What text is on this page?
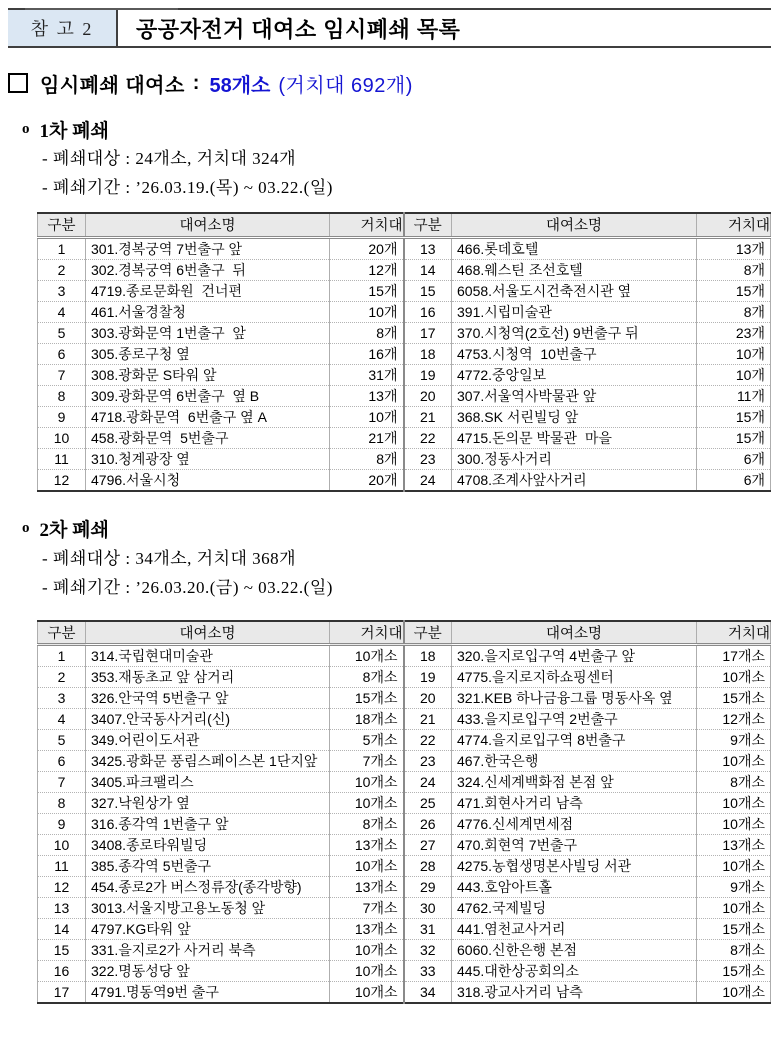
참 고 2	공공자전거 대여소 임시폐쇄 목록
임시폐쇄 대여소 : 58개소 (거치대 692개)
o 1차 폐쇄
- 폐쇄대상 : 24개소, 거치대 324개
- 폐쇄기간 : ’26.03.19.(목) ~ 03.22.(일)
구분	대여소명	거치대	구분	대여소명	거치대
1	301.경복궁역 7번출구 앞	20개	13	466.롯데호텔	13개
2	302.경복궁역 6번출구  뒤	12개	14	468.웨스틴 조선호텔	8개
3	4719.종로문화원  건너편	15개	15	6058.서울도시건축전시관 옆	15개
4	461.서울경찰청	10개	16	391.시립미술관	8개
5	303.광화문역 1번출구  앞	8개	17	370.시청역(2호선) 9번출구 뒤	23개
6	305.종로구청 옆	16개	18	4753.시청역  10번출구	10개
7	308.광화문 S타워 앞	31개	19	4772.중앙일보	10개
8	309.광화문역 6번출구  옆 B	13개	20	307.서울역사박물관 앞	11개
9	4718.광화문역  6번출구 옆 A	10개	21	368.SK 서린빌딩 앞	15개
10	458.광화문역  5번출구	21개	22	4715.돈의문 박물관  마을	15개
11	310.청계광장 옆	8개	23	300.정동사거리	6개
12	4796.서울시청	20개	24	4708.조계사앞사거리	6개
o 2차 폐쇄
- 폐쇄대상 : 34개소, 거치대 368개
- 폐쇄기간 : ’26.03.20.(금) ~ 03.22.(일)
구분	대여소명	거치대	구분	대여소명	거치대
1	314.국립현대미술관	10개소	18	320.을지로입구역 4번출구 앞	17개소
2	353.재동초교 앞 삼거리	8개소	19	4775.을지로지하쇼핑센터	10개소
3	326.안국역 5번출구 앞	15개소	20	321.KEB 하나금융그룹 명동사옥 옆	15개소
4	3407.안국동사거리(신)	18개소	21	433.을지로입구역 2번출구	12개소
5	349.어린이도서관	5개소	22	4774.을지로입구역 8번출구	9개소
6	3425.광화문 풍림스페이스본 1단지앞	7개소	23	467.한국은행	10개소
7	3405.파크팰리스	10개소	24	324.신세계백화점 본점 앞	8개소
8	327.낙원상가 옆	10개소	25	471.회현사거리 남측	10개소
9	316.종각역 1번출구 앞	8개소	26	4776.신세계면세점	10개소
10	3408.종로타워빌딩	13개소	27	470.회현역 7번출구	13개소
11	385.종각역 5번출구	10개소	28	4275.농협생명본사빌딩 서관	10개소
12	454.종로2가 버스정류장(종각방향)	13개소	29	443.호암아트홀	9개소
13	3013.서울지방고용노동청 앞	7개소	30	4762.국제빌딩	10개소
14	4797.KG타워 앞	13개소	31	441.염천교사거리	15개소
15	331.을지로2가 사거리 북측	10개소	32	6060.신한은행 본점	8개소
16	322.명동성당 앞	10개소	33	445.대한상공회의소	15개소
17	4791.명동역9번 출구	10개소	34	318.광교사거리 남측	10개소
